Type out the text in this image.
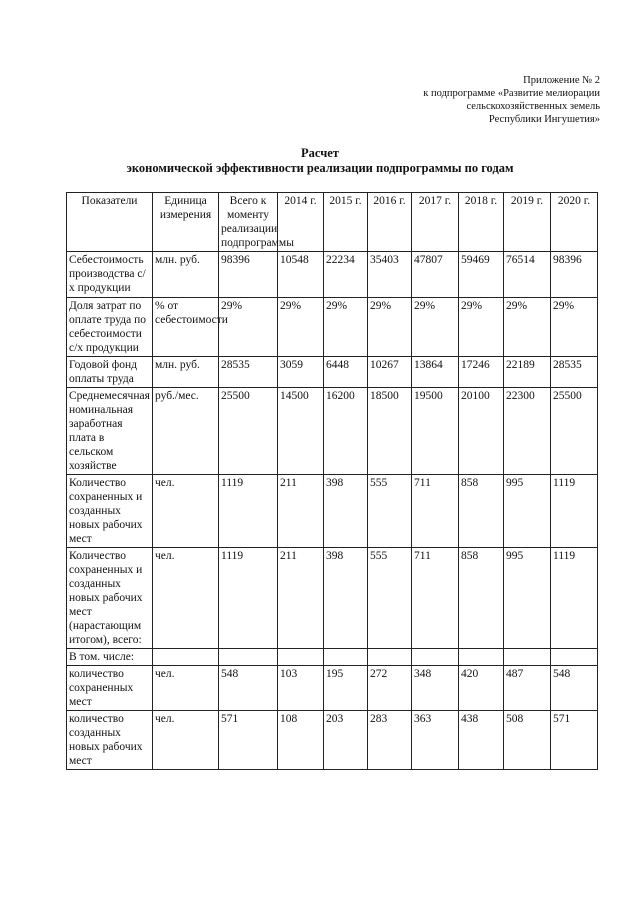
Приложение № 2
к подпрограмме «Развитие мелиорации
сельскохозяйственных земель
Республики Ингушетия»
Расчет
экономической эффективности реализации подпрограммы по годам
Показатели	Единица измерения	Всего к моменту реализации подпрограммы	2014 г.	2015 г.	2016 г.	2017 г.	2018 г.	2019 г.	2020 г.
Себестоимость производства с/х продукции	млн. руб.	98396	10548	22234	35403	47807	59469	76514	98396
Доля затрат по оплате труда по себестоимости с/х продукции	% от себестоимости	29%	29%	29%	29%	29%	29%	29%	29%
Годовой фонд оплаты труда	млн. руб.	28535	3059	6448	10267	13864	17246	22189	28535
Среднемесячная номинальная заработная плата в сельском хозяйстве	руб./мес.	25500	14500	16200	18500	19500	20100	22300	25500
Количество сохраненных и созданных новых рабочих мест	чел.	1119	211	398	555	711	858	995	1119
Количество сохраненных и созданных новых рабочих мест (нарастающим итогом), всего:	чел.	1119	211	398	555	711	858	995	1119
В том. числе:									
количество сохраненных мест	чел.	548	103	195	272	348	420	487	548
количество созданных новых рабочих мест	чел.	571	108	203	283	363	438	508	571
